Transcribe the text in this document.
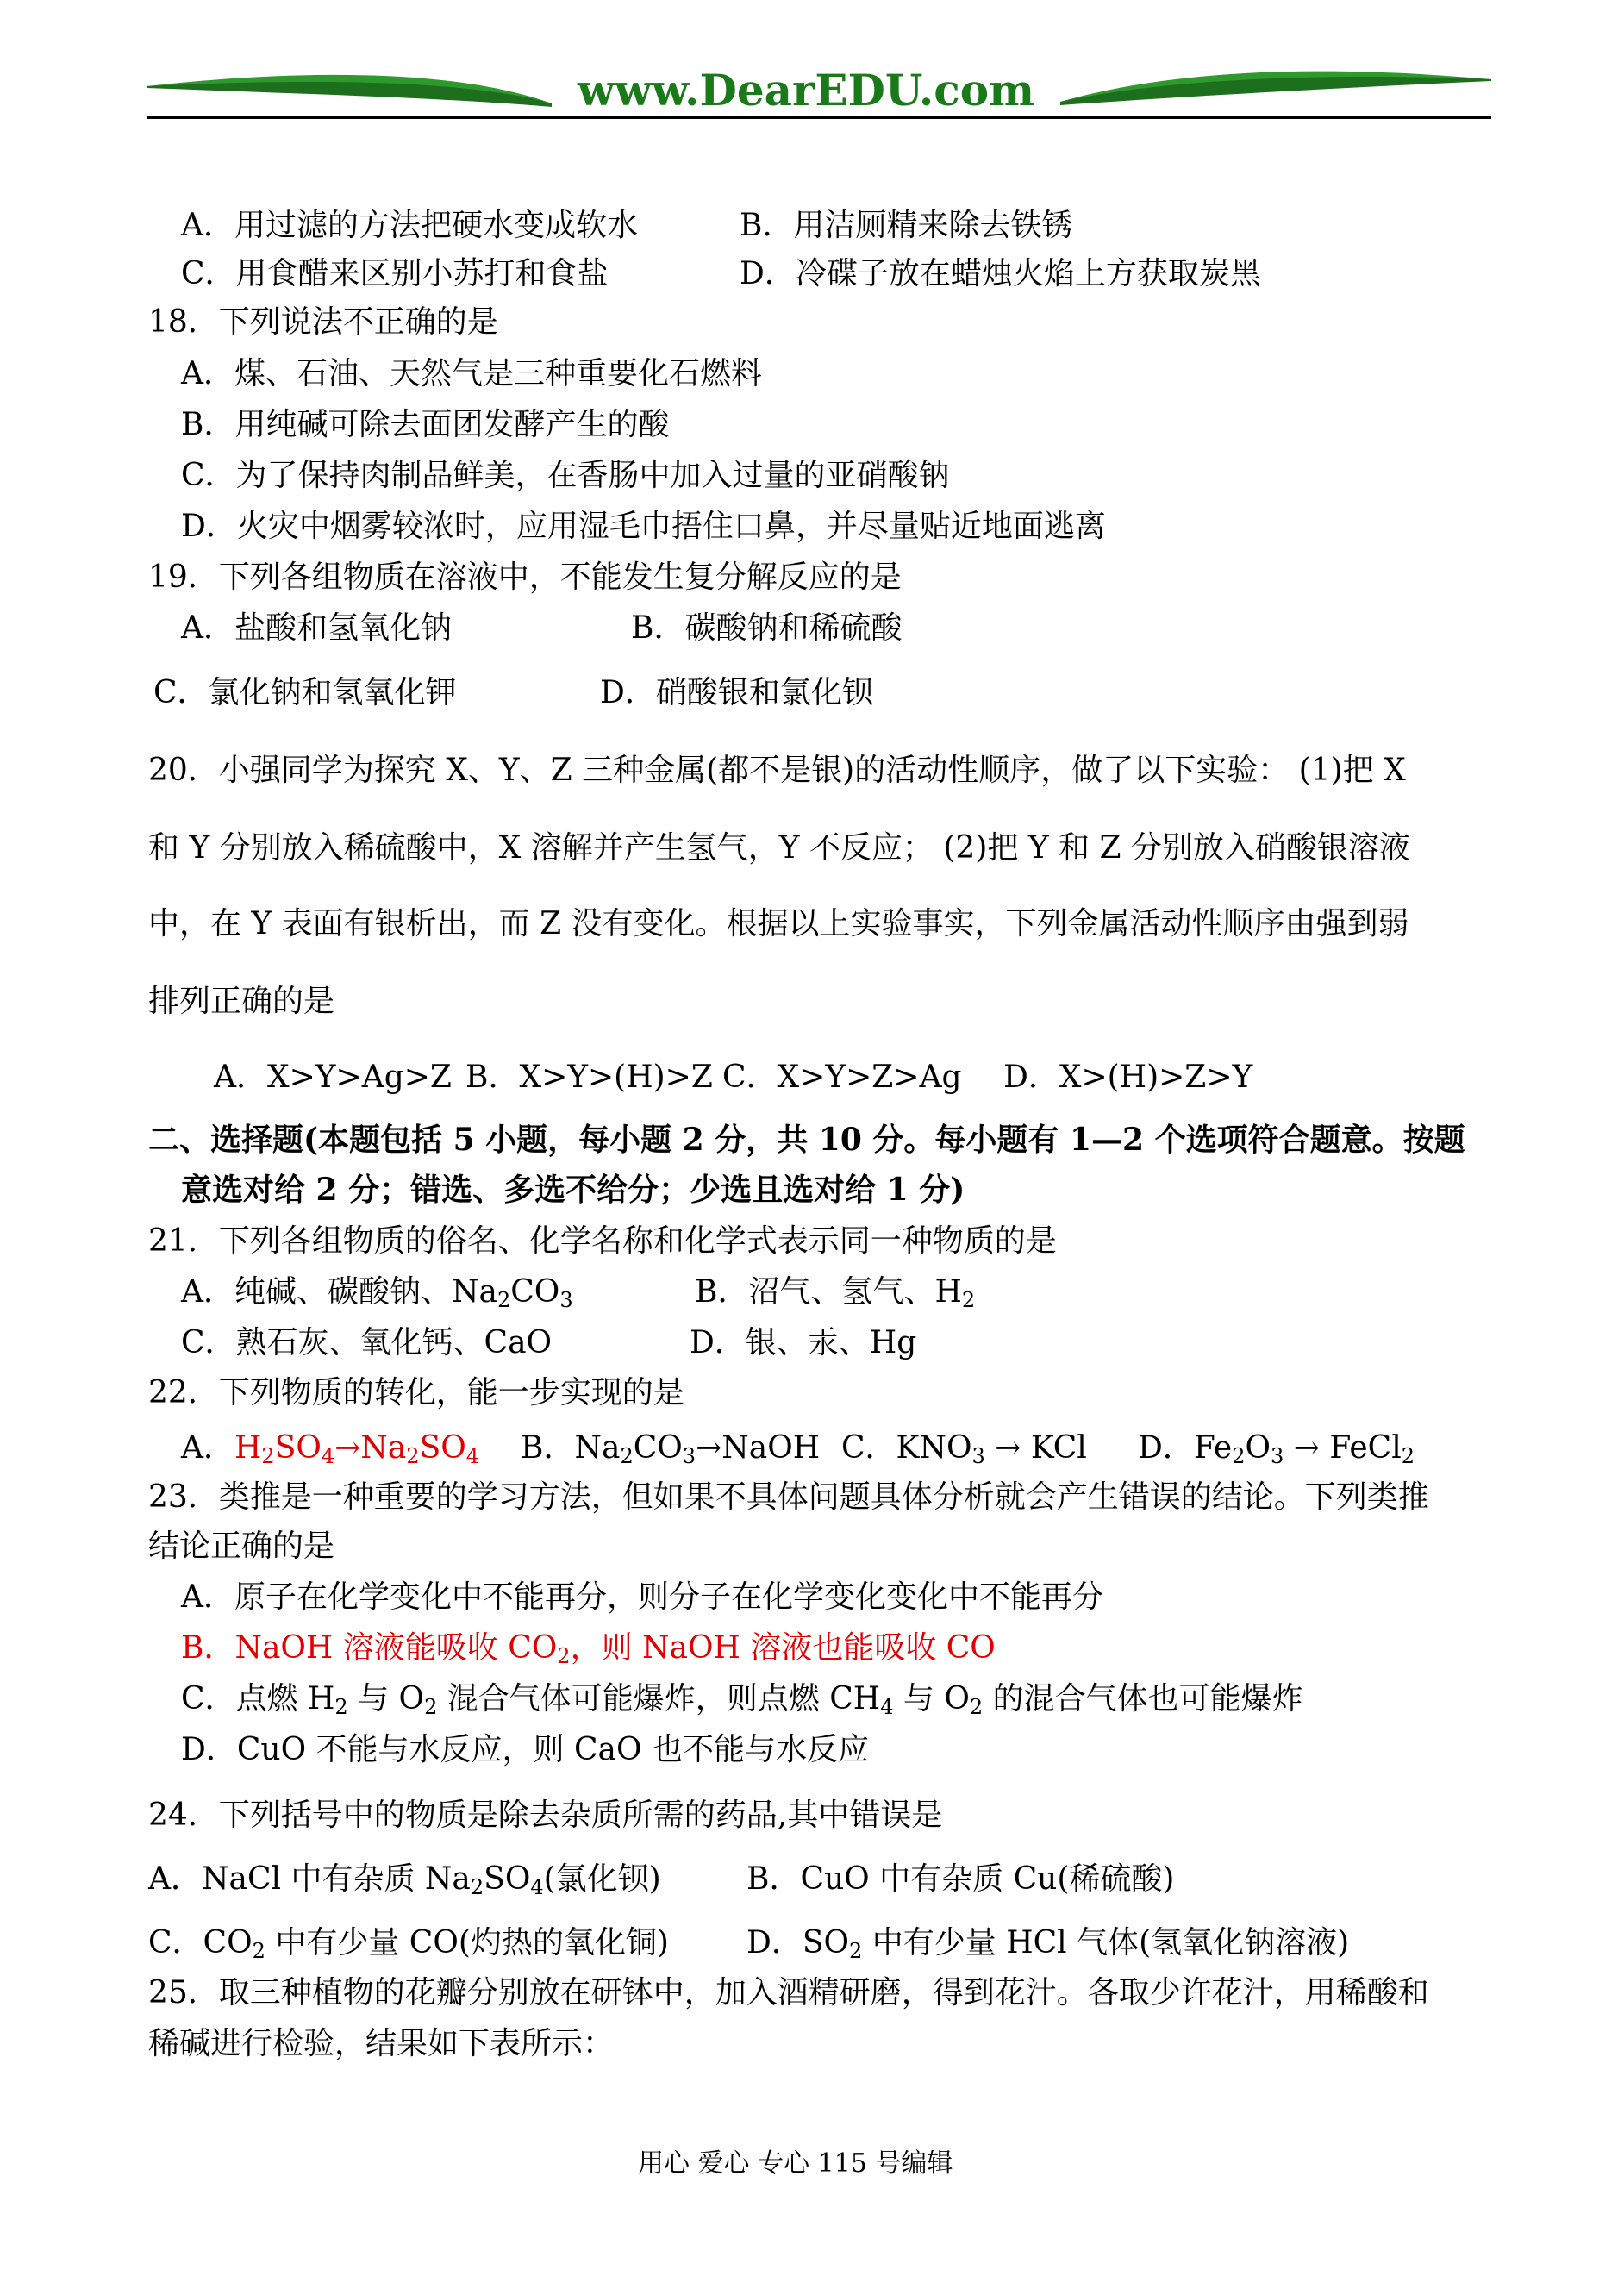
www.DearEDU.com
A．用过滤的方法把硬水变成软水	B．用洁厕精来除去铁锈
C．用食醋来区别小苏打和食盐	D．冷碟子放在蜡烛火焰上方获取炭黑
18．下列说法不正确的是
A．煤、石油、天然气是三种重要化石燃料
B．用纯碱可除去面团发酵产生的酸
C．为了保持肉制品鲜美，在香肠中加入过量的亚硝酸钠
D．火灾中烟雾较浓时，应用湿毛巾捂住口鼻，并尽量贴近地面逃离
19．下列各组物质在溶液中，不能发生复分解反应的是
A．盐酸和氢氧化钠	B．碳酸钠和稀硫酸
C．氯化钠和氢氧化钾	D．硝酸银和氯化钡
20．小强同学为探究 X、Y、Z 三种金属(都不是银)的活动性顺序，做了以下实验： (1)把 X
和 Y 分别放入稀硫酸中，X 溶解并产生氢气，Y 不反应； (2)把 Y 和 Z 分别放入硝酸银溶液
中，在 Y 表面有银析出，而 Z 没有变化。根据以上实验事实，下列金属活动性顺序由强到弱
排列正确的是
A．X>Y>Ag>Z B．X>Y>(H)>Z C．X>Y>Z>Ag D．X>(H)>Z>Y
二、选择题(本题包括 5 小题，每小题 2 分，共 10 分。每小题有 1—2 个选项符合题意。按题
意选对给 2 分；错选、多选不给分；少选且选对给 1 分)
21．下列各组物质的俗名、化学名称和化学式表示同一种物质的是
A．纯碱、碳酸钠、$Na_2CO_3$	B．沼气、氢气、$H_2$
C．熟石灰、氧化钙、CaO	D．银、汞、Hg
22．下列物质的转化，能一步实现的是
A．$H_2SO_4\to Na_2SO_4$ B．$Na_2CO_3\to NaOH$ C．$KNO_3$ → KCl D．$Fe_2O_3$ → FeCl$_2$
23．类推是一种重要的学习方法，但如果不具体问题具体分析就会产生错误的结论。下列类推
结论正确的是
A．原子在化学变化中不能再分，则分子在化学变化变化中不能再分
B．NaOH 溶液能吸收 $CO_2$，则 NaOH 溶液也能吸收 CO
C．点燃 $H_2$ 与 $O_2$ 混合气体可能爆炸，则点燃 $CH_4$ 与 $O_2$ 的混合气体也可能爆炸
D．CuO 不能与水反应，则 CaO 也不能与水反应
24．下列括号中的物质是除去杂质所需的药品,其中错误是
A．NaCl 中有杂质 $Na_2SO_4$(氯化钡)	B．CuO 中有杂质 Cu(稀硫酸)
C．$CO_2$ 中有少量 CO(灼热的氧化铜)	D．$SO_2$ 中有少量 HCl 气体(氢氧化钠溶液)
25．取三种植物的花瓣分别放在研钵中，加入酒精研磨，得到花汁。各取少许花汁，用稀酸和
稀碱进行检验，结果如下表所示：
用心 爱心 专心 115 号编辑
